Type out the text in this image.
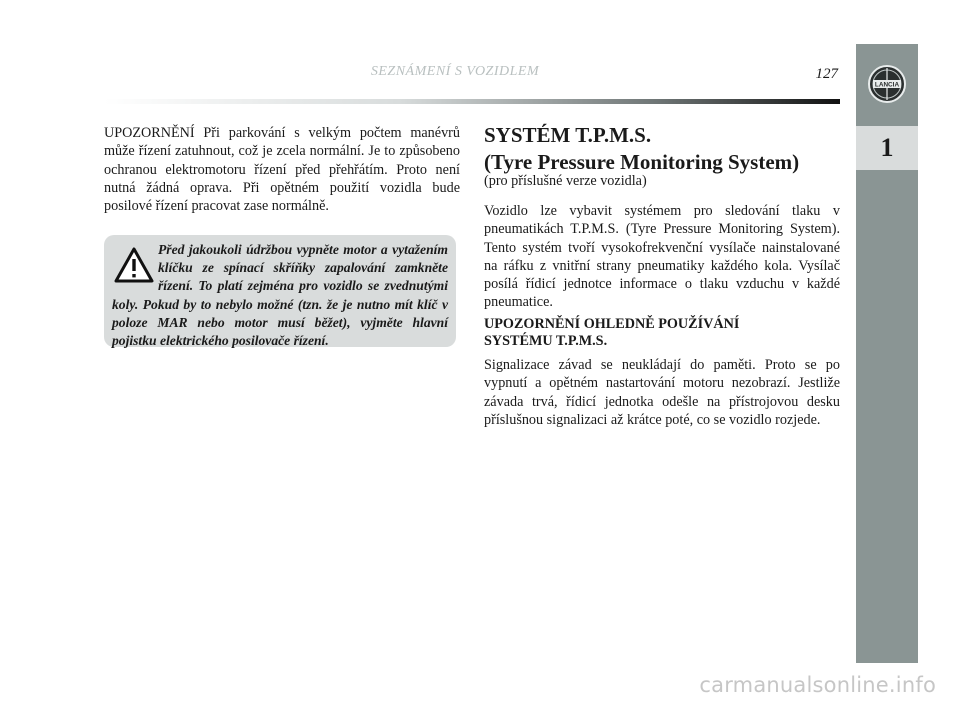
SEZNÁMENÍ S VOZIDLEM	127
LANCIA
1
UPOZORNĚNÍ Při parkování s velkým počtem manévrů může řízení zatuhnout, což je zcela normální. Je to způsobeno ochranou elektromotoru řízení před přehřátím. Proto není nutná žádná oprava. Při opětném použití vozidla bude posilové řízení pracovat zase normálně.
Před jakoukoli údržbou vypněte motor a vytažením klíčku ze spínací skříňky zapalování zamkněte řízení. To platí zejména pro vozidlo se zvednutými koly. Pokud by to nebylo možné (tzn. že je nutno mít klíč v poloze MAR nebo motor musí běžet), vyjměte hlavní pojistku elektrického posilovače řízení.
SYSTÉM T.P.M.S.
(Tyre Pressure Monitoring System)
(pro příslušné verze vozidla)
Vozidlo lze vybavit systémem pro sledování tlaku v pneumatikách T.P.M.S. (Tyre Pressure Monitoring System). Tento systém tvoří vysokofrekvenční vysílače nainstalované na ráfku z vnitřní strany pneumatiky každého kola. Vysílač posílá řídicí jednotce informace o tlaku vzduchu v každé pneumatice.
UPOZORNĚNÍ OHLEDNĚ POUŽÍVÁNÍ
SYSTÉMU T.P.M.S.
Signalizace závad se neukládají do paměti. Proto se po vypnutí a opětném nastartování motoru nezobrazí. Jestliže závada trvá, řídicí jednotka odešle na přístrojovou desku příslušnou signalizaci až krátce poté, co se vozidlo rozjede.
carmanualsonline.info
